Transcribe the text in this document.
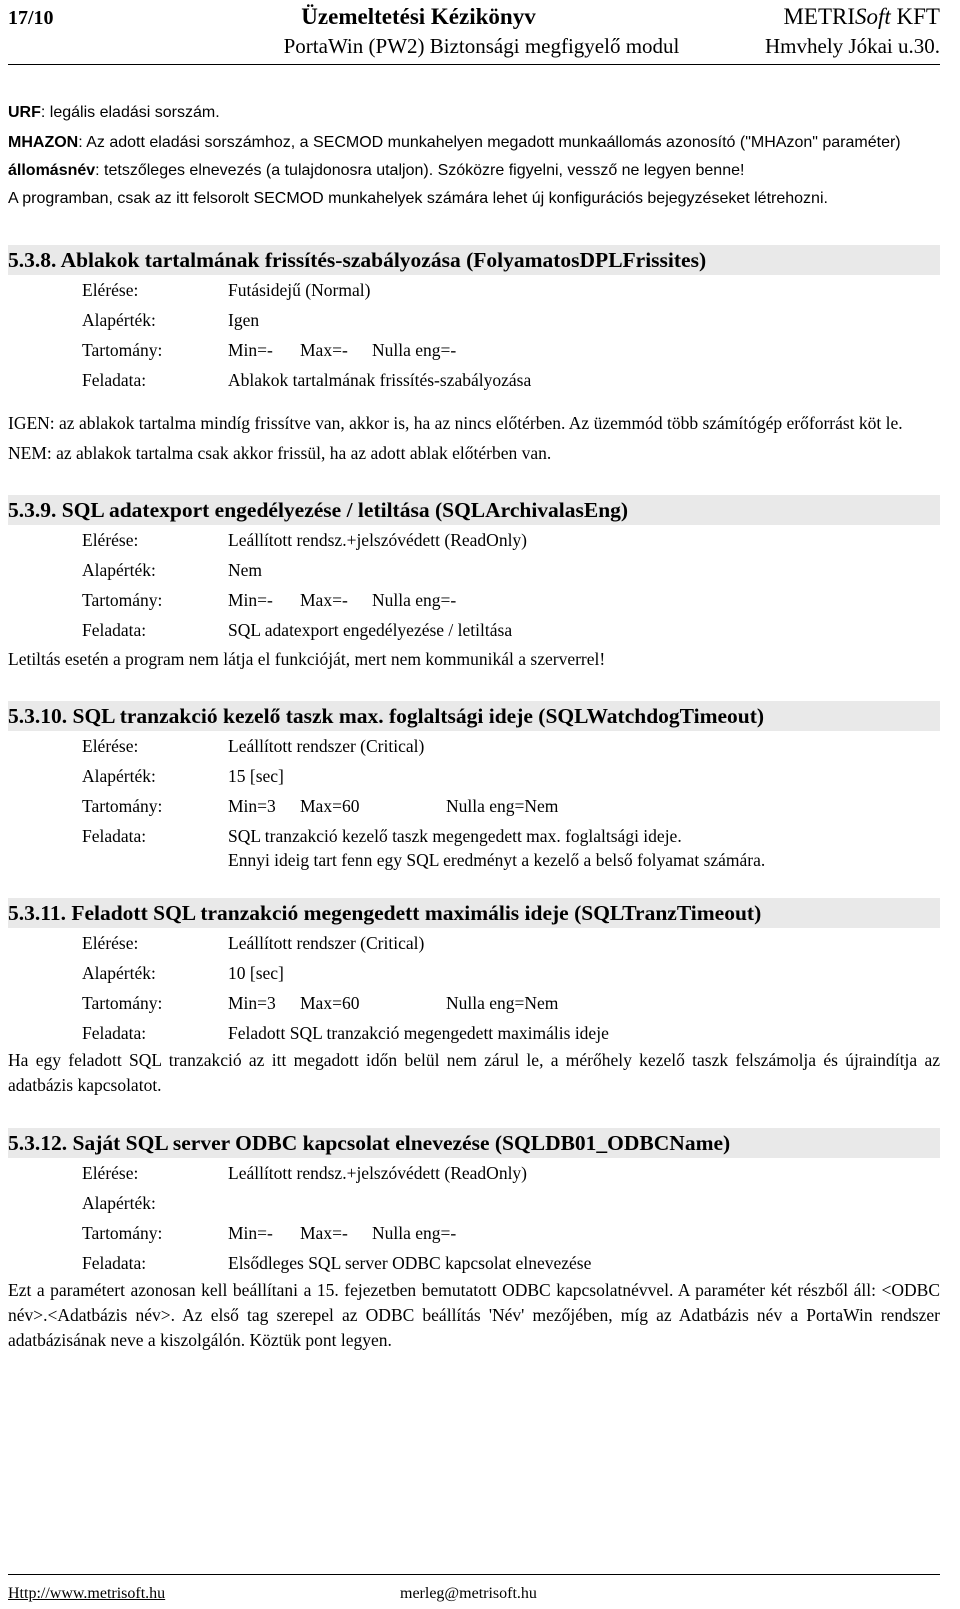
17/10	Üzemeltetési Kézikönyv	METRISoft KFT
PortaWin (PW2) Biztonsági megfigyelő modul	Hmvhely Jókai u.30.

URF: legális eladási sorszám.

MHAZON: Az adott eladási sorszámhoz, a SECMOD munkahelyen megadott munkaállomás azonosító ("MHAzon" paraméter)

állomásnév: tetszőleges elnevezés (a tulajdonosra utaljon). Szóközre figyelni, vessző ne legyen benne!

A programban, csak az itt felsorolt SECMOD munkahelyek számára lehet új konfigurációs bejegyzéseket létrehozni.

5.3.8. Ablakok tartalmának frissítés-szabályozása (FolyamatosDPLFrissites)
Elérése:	Futásidejű (Normal)
Alapérték:	Igen
Tartomány:	Min=- Max=- Nulla eng=-
Feladata:	Ablakok tartalmának frissítés-szabályozása

IGEN: az ablakok tartalma mindíg frissítve van, akkor is, ha az nincs előtérben. Az üzemmód több számítógép erőforrást köt le.

NEM: az ablakok tartalma csak akkor frissül, ha az adott ablak előtérben van.

5.3.9. SQL adatexport engedélyezése / letiltása (SQLArchivalasEng)
Elérése:	Leállított rendsz.+jelszóvédett (ReadOnly)
Alapérték:	Nem
Tartomány:	Min=- Max=- Nulla eng=-
Feladata:	SQL adatexport engedélyezése / letiltása

Letiltás esetén a program nem látja el funkcióját, mert nem kommunikál a szerverrel!

5.3.10. SQL tranzakció kezelő taszk max. foglaltsági ideje (SQLWatchdogTimeout)
Elérése:	Leállított rendszer (Critical)
Alapérték:	15 [sec]
Tartomány:	Min=3 Max=60	Nulla eng=Nem
Feladata:	SQL tranzakció kezelő taszk megengedett max. foglaltsági ideje.
Ennyi ideig tart fenn egy SQL eredményt a kezelő a belső folyamat számára.
5.3.11. Feladott SQL tranzakció megengedett maximális ideje (SQLTranzTimeout)
Elérése:	Leállított rendszer (Critical)
Alapérték:	10 [sec]
Tartomány:	Min=3 Max=60	Nulla eng=Nem
Feladata:	Feladott SQL tranzakció megengedett maximális ideje

Ha egy feladott SQL tranzakció az itt megadott időn belül nem zárul le, a mérőhely kezelő taszk felszámolja és újraindítja az adatbázis kapcsolatot.

5.3.12. Saját SQL server ODBC kapcsolat elnevezése (SQLDB01_ODBCName)
Elérése:	Leállított rendsz.+jelszóvédett (ReadOnly)
Alapérték:
Tartomány:	Min=- Max=- Nulla eng=-
Feladata:	Elsődleges SQL server ODBC kapcsolat elnevezése

Ezt a paramétert azonosan kell beállítani a 15. fejezetben bemutatott ODBC kapcsolatnévvel. A paraméter két részből áll: <ODBC név>.<Adatbázis név>. Az első tag szerepel az ODBC beállítás 'Név' mezőjében, míg az Adatbázis név a PortaWin rendszer adatbázisának neve a kiszolgálón. Köztük pont legyen.

Http://www.metrisoft.hu	merleg@metrisoft.hu
